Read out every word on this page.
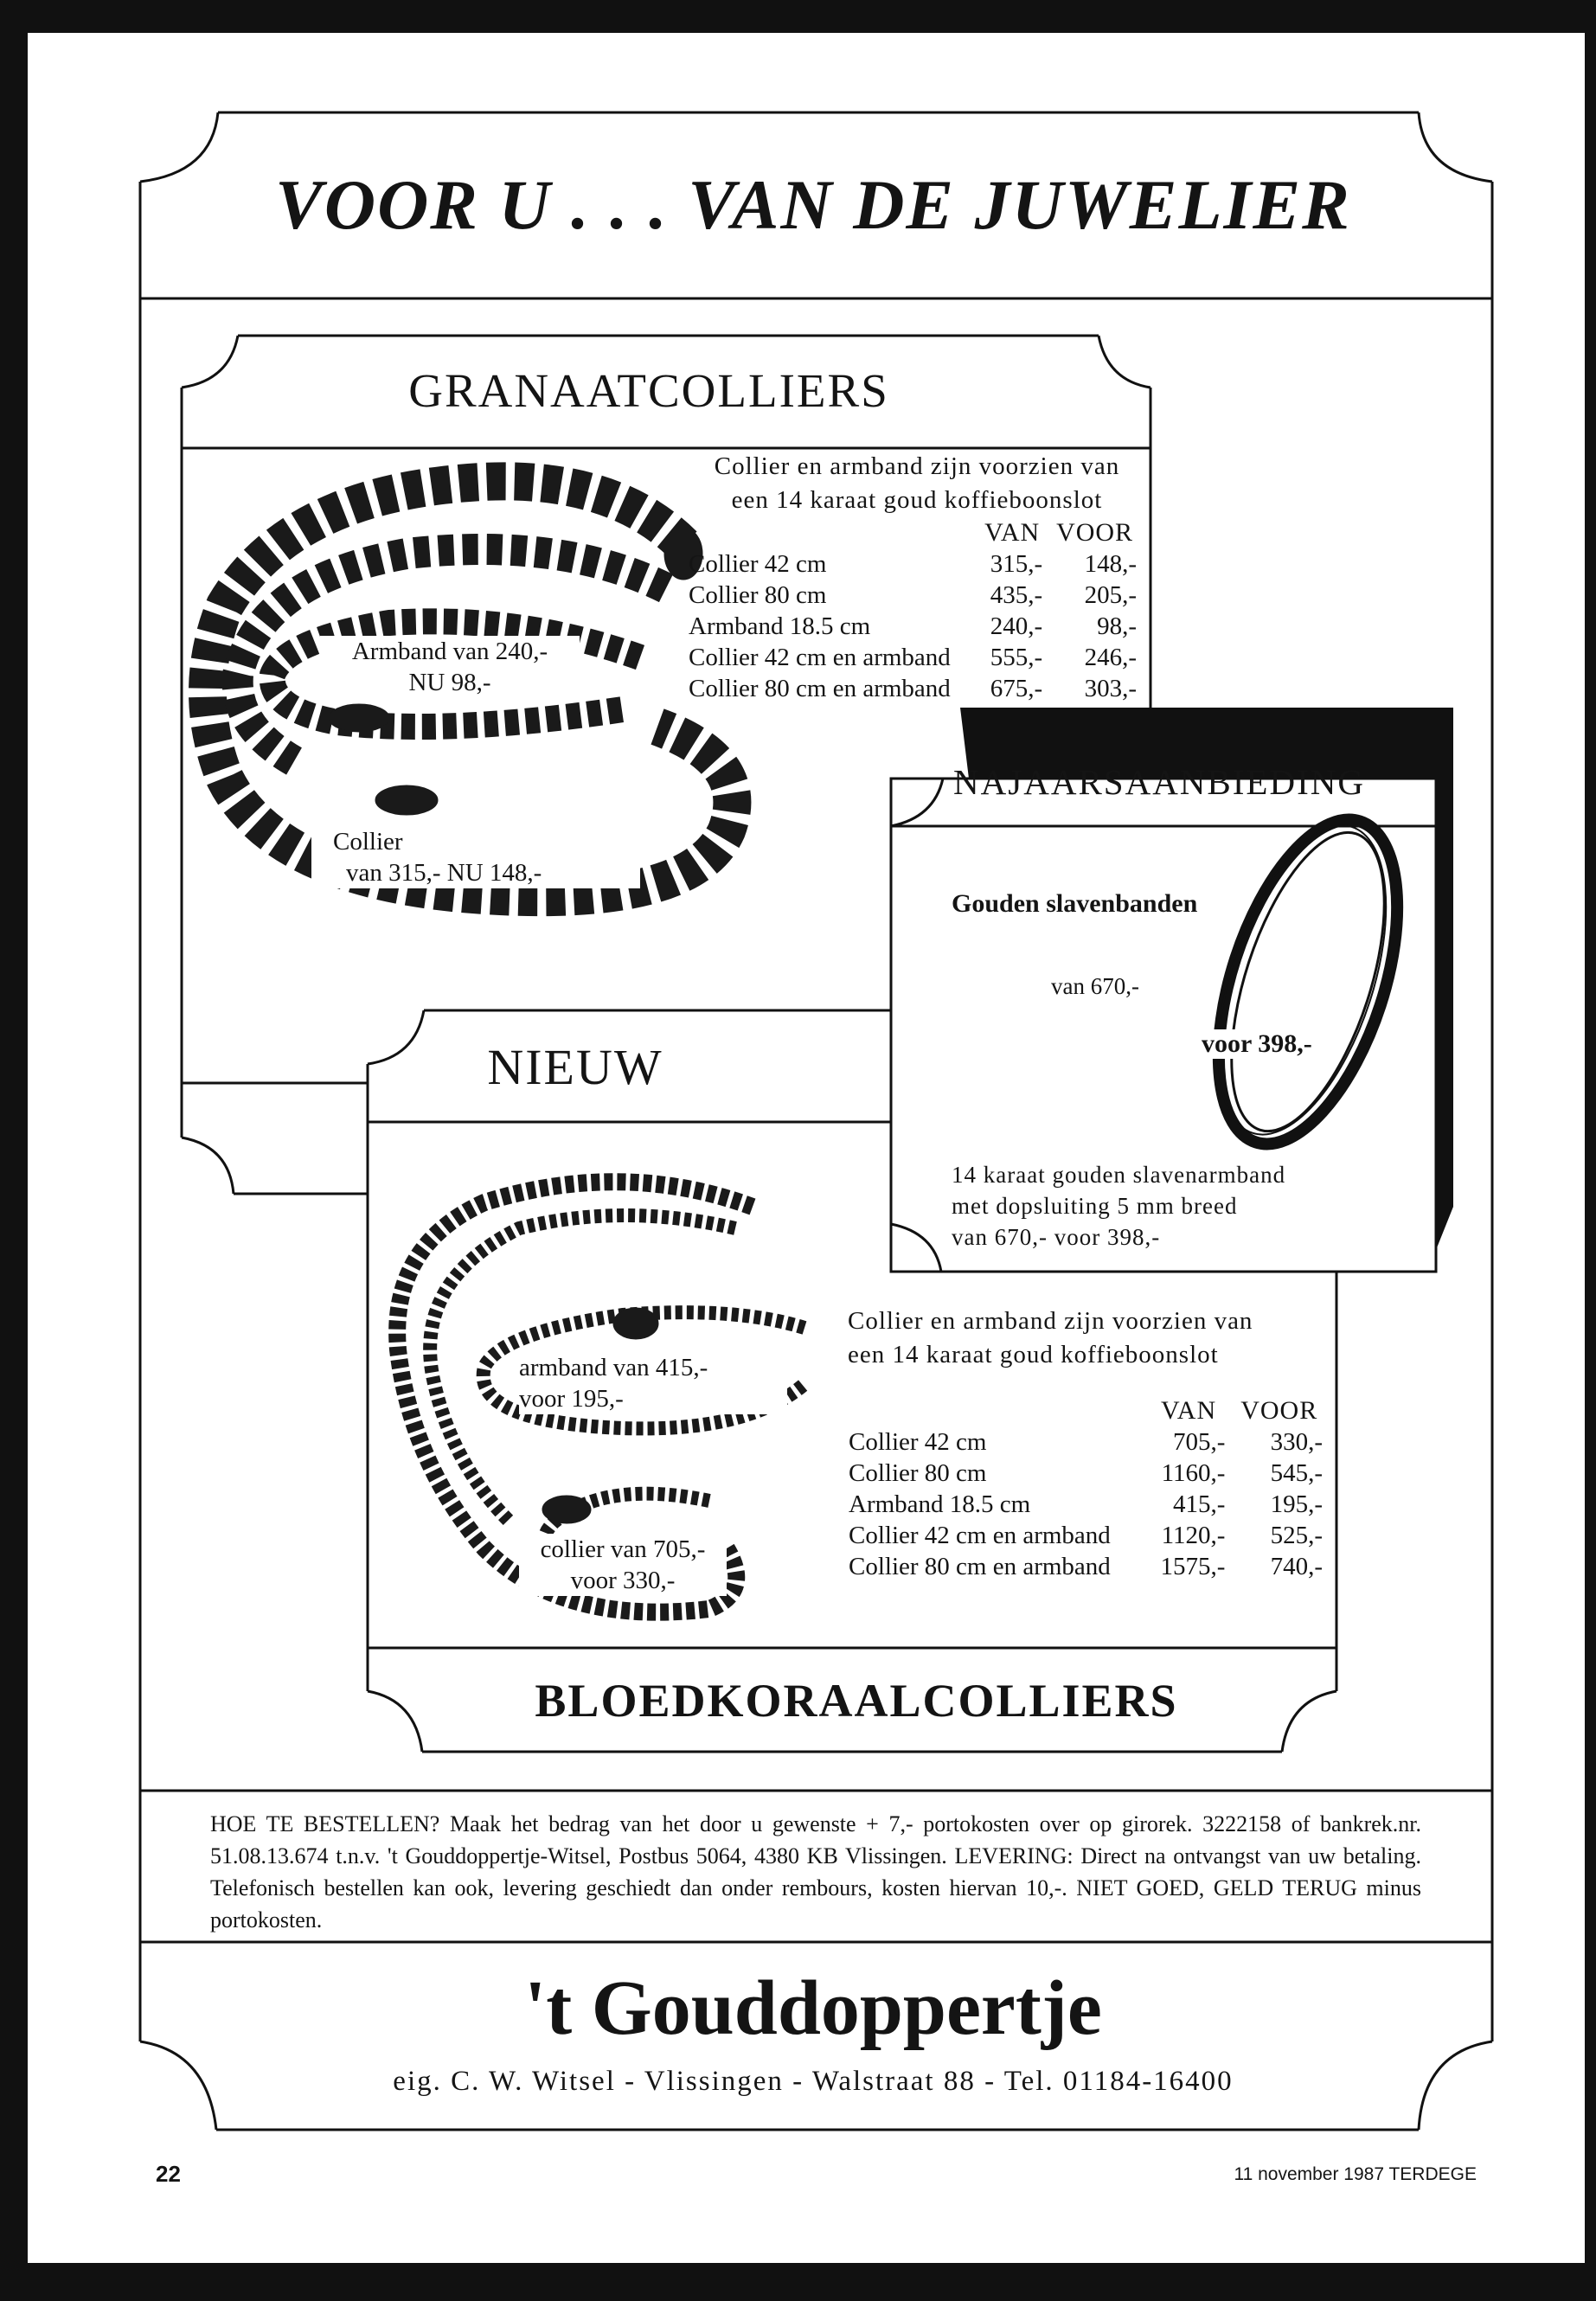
VOOR U . . . VAN DE JUWELIER
GRANAATCOLLIERS
Collier en armband zijn voorzien van
een 14 karaat goud koffieboonslot
	VAN	VOOR
Collier 42 cm	315,-	148,-
Collier 80 cm	435,-	205,-
Armband 18.5 cm	240,-	98,-
Collier 42 cm en armband	555,-	246,-
Collier 80 cm en armband	675,-	303,-
Armband van 240,-
NU 98,-
Collier
van 315,- NU 148,-
NAJAARSAANBIEDING
Gouden slavenbanden
van 670,-
voor 398,-
14 karaat gouden slavenarmband
met dopsluiting 5 mm breed
van 670,- voor 398,-
NIEUW
Collier en armband zijn voorzien van
een 14 karaat goud koffieboonslot
	VAN	VOOR
Collier 42 cm	705,-	330,-
Collier 80 cm	1160,-	545,-
Armband 18.5 cm	415,-	195,-
Collier 42 cm en armband	1120,-	525,-
Collier 80 cm en armband	1575,-	740,-
armband van 415,-
voor 195,-
collier van 705,-
voor 330,-
BLOEDKORAALCOLLIERS
HOE TE BESTELLEN? Maak het bedrag van het door u gewenste + 7,- portokosten over op girorek. 3222158 of bankrek.nr. 51.08.13.674 t.n.v. 't Gouddoppertje-Witsel, Postbus 5064, 4380 KB Vlissingen. LEVERING: Direct na ontvangst van uw betaling. Telefonisch bestellen kan ook, levering geschiedt dan onder rembours, kosten hiervan 10,-. NIET GOED, GELD TERUG minus portokosten.
't Gouddoppertje
eig. C. W. Witsel - Vlissingen - Walstraat 88 - Tel. 01184-16400
22	11 november 1987 TERDEGE
